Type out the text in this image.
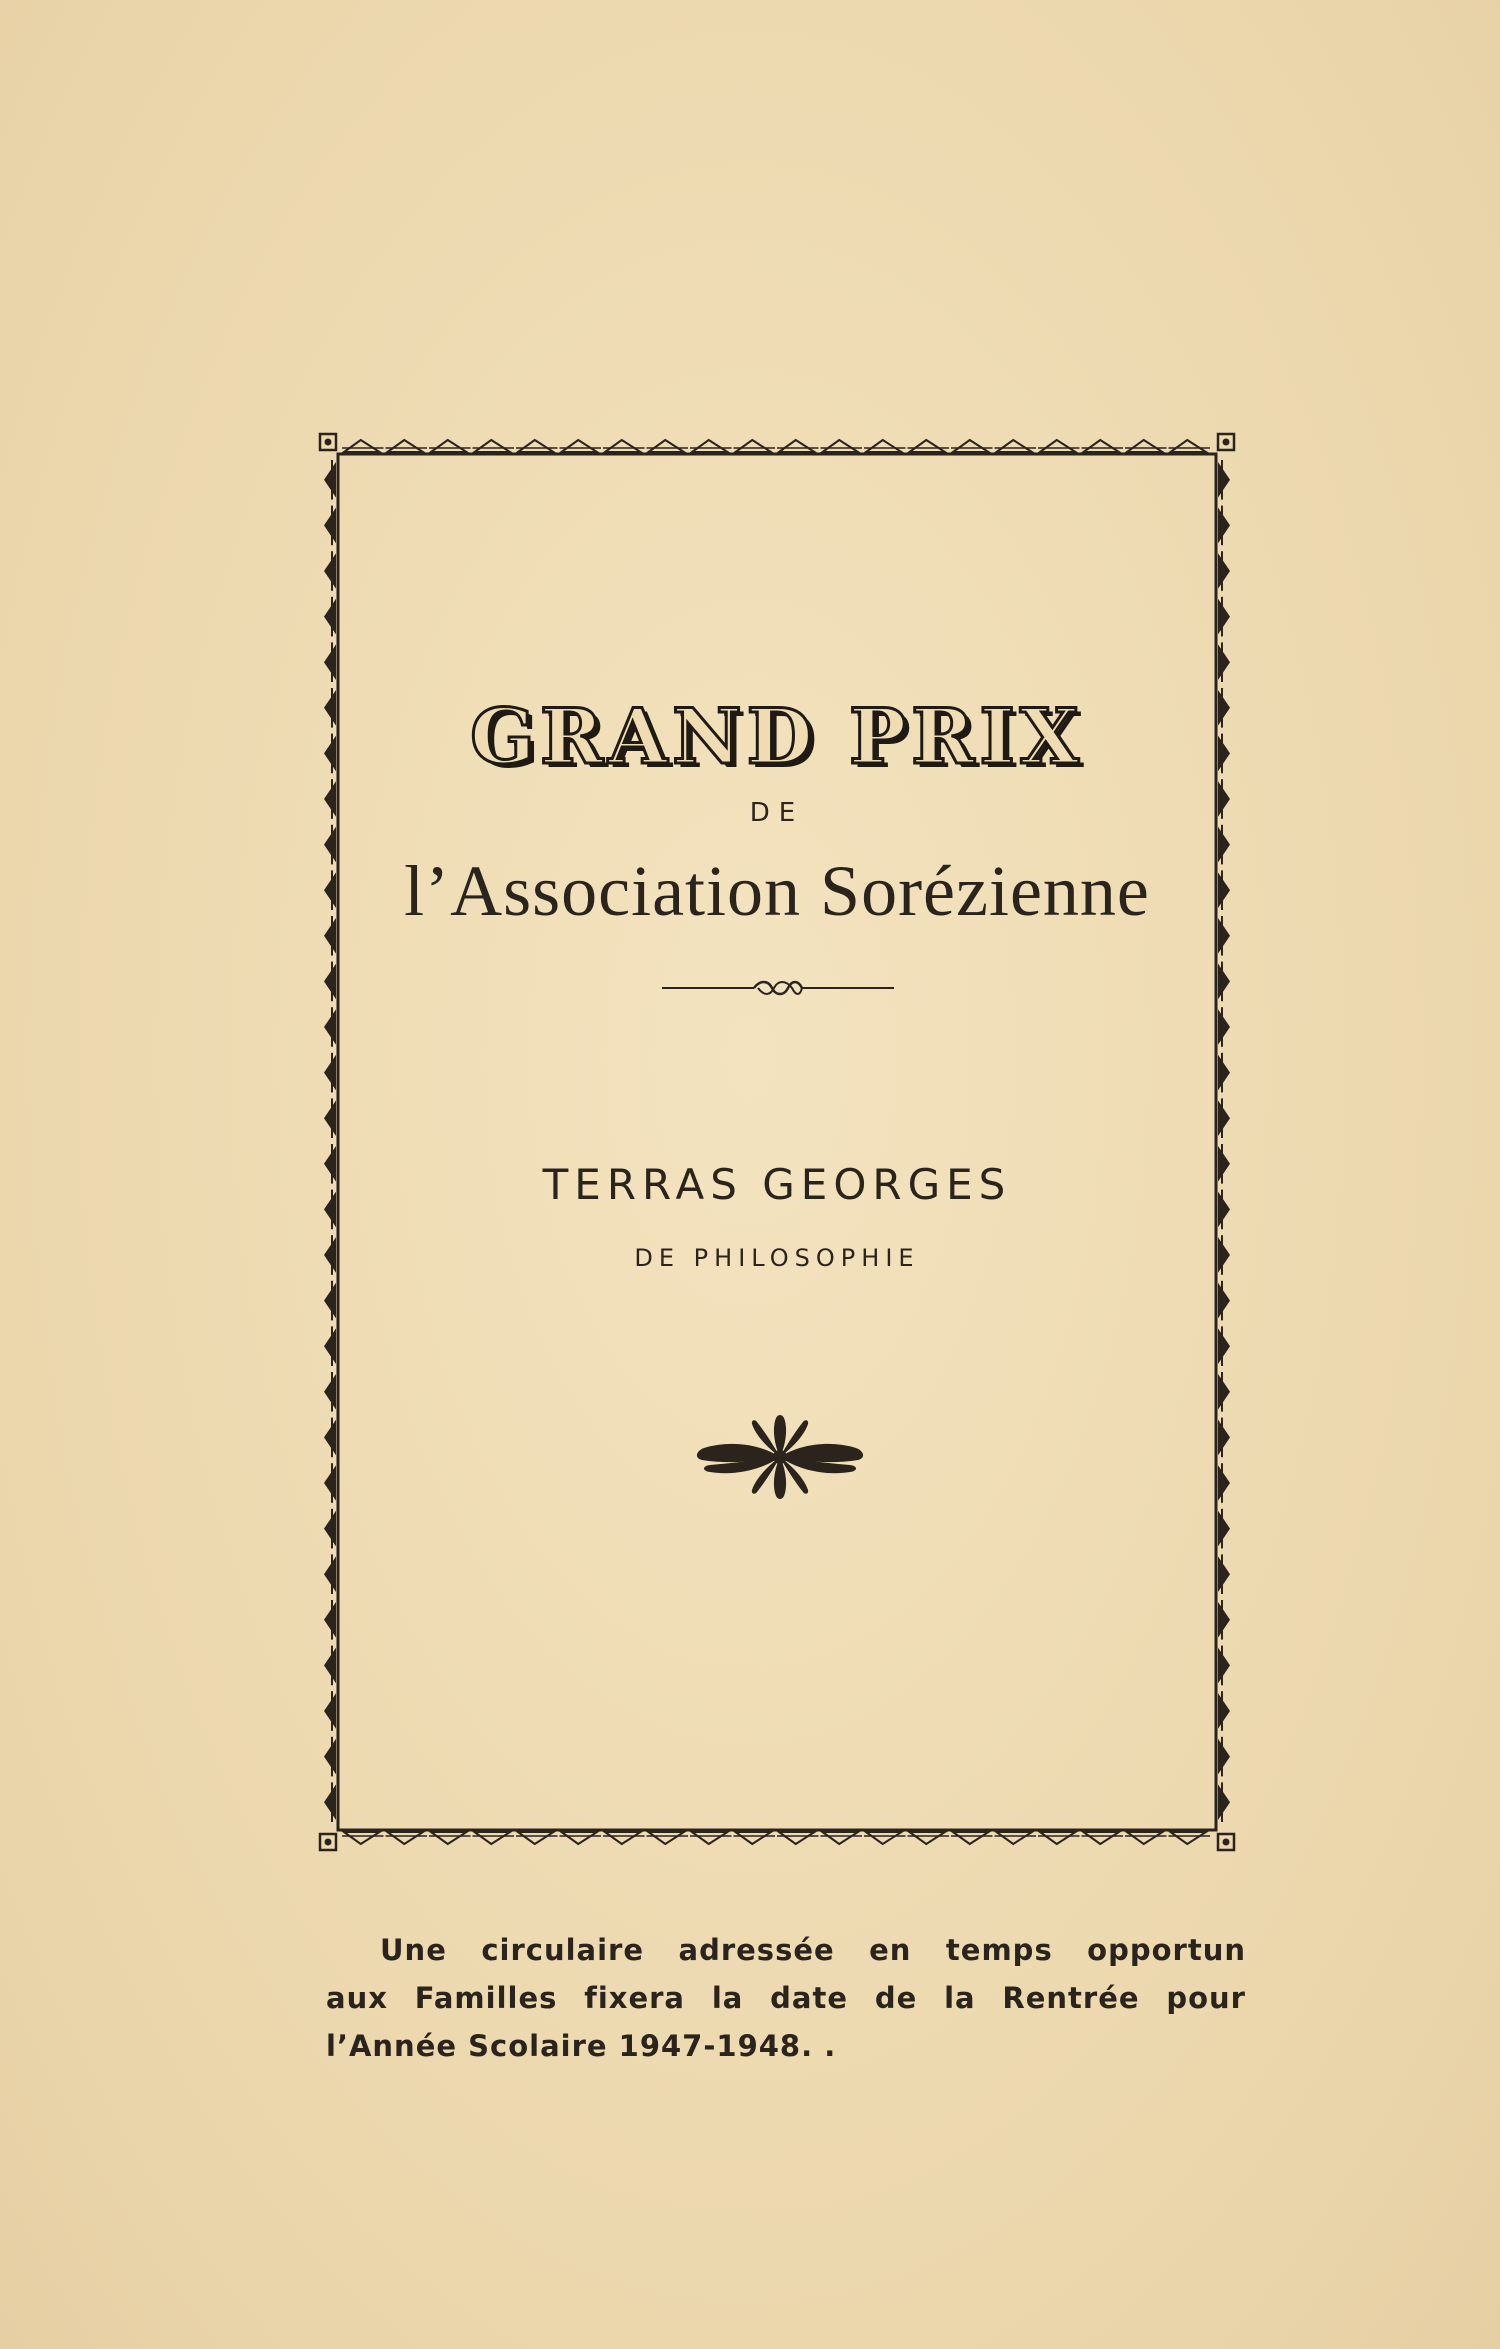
GRAND PRIX
DE
l’Association Sorézienne
TERRAS GEORGES
DE PHILOSOPHIE
Une circulaire adressée en temps opportun
aux Familles fixera la date de la Rentrée pour
l’Année Scolaire 1947-1948. .
